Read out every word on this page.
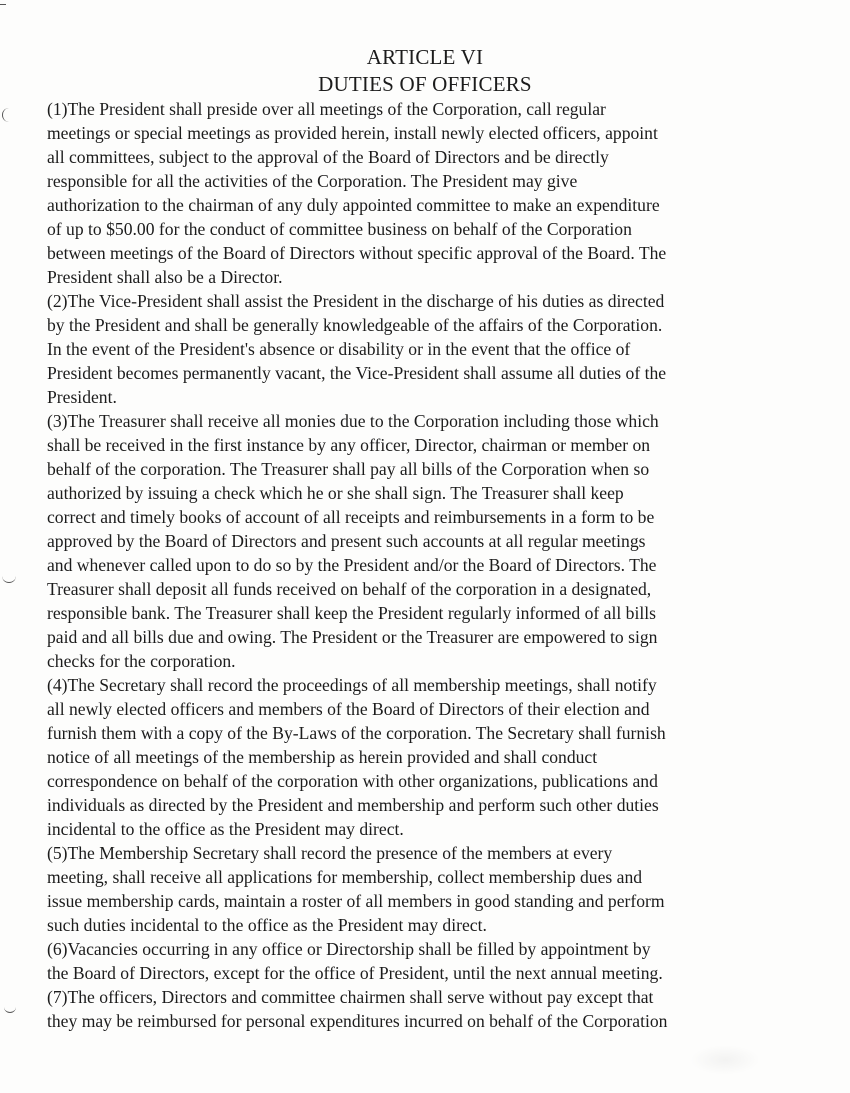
ARTICLE VI
DUTIES OF OFFICERS

(1)The President shall preside over all meetings of the Corporation, call regular
meetings or special meetings as provided herein, install newly elected officers, appoint
all committees, subject to the approval of the Board of Directors and be directly
responsible for all the activities of the Corporation. The President may give
authorization to the chairman of any duly appointed committee to make an expenditure
of up to $50.00 for the conduct of committee business on behalf of the Corporation
between meetings of the Board of Directors without specific approval of the Board. The
President shall also be a Director.

(2)The Vice-President shall assist the President in the discharge of his duties as directed
by the President and shall be generally knowledgeable of the affairs of the Corporation.
In the event of the President's absence or disability or in the event that the office of
President becomes permanently vacant, the Vice-President shall assume all duties of the
President.

(3)The Treasurer shall receive all monies due to the Corporation including those which
shall be received in the first instance by any officer, Director, chairman or member on
behalf of the corporation. The Treasurer shall pay all bills of the Corporation when so
authorized by issuing a check which he or she shall sign. The Treasurer shall keep
correct and timely books of account of all receipts and reimbursements in a form to be
approved by the Board of Directors and present such accounts at all regular meetings
and whenever called upon to do so by the President and/or the Board of Directors. The
Treasurer shall deposit all funds received on behalf of the corporation in a designated,
responsible bank. The Treasurer shall keep the President regularly informed of all bills
paid and all bills due and owing. The President or the Treasurer are empowered to sign
checks for the corporation.

(4)The Secretary shall record the proceedings of all membership meetings, shall notify
all newly elected officers and members of the Board of Directors of their election and
furnish them with a copy of the By-Laws of the corporation. The Secretary shall furnish
notice of all meetings of the membership as herein provided and shall conduct
correspondence on behalf of the corporation with other organizations, publications and
individuals as directed by the President and membership and perform such other duties
incidental to the office as the President may direct.

(5)The Membership Secretary shall record the presence of the members at every
meeting, shall receive all applications for membership, collect membership dues and
issue membership cards, maintain a roster of all members in good standing and perform
such duties incidental to the office as the President may direct.

(6)Vacancies occurring in any office or Directorship shall be filled by appointment by
the Board of Directors, except for the office of President, until the next annual meeting.

(7)The officers, Directors and committee chairmen shall serve without pay except that
they may be reimbursed for personal expenditures incurred on behalf of the Corporation
